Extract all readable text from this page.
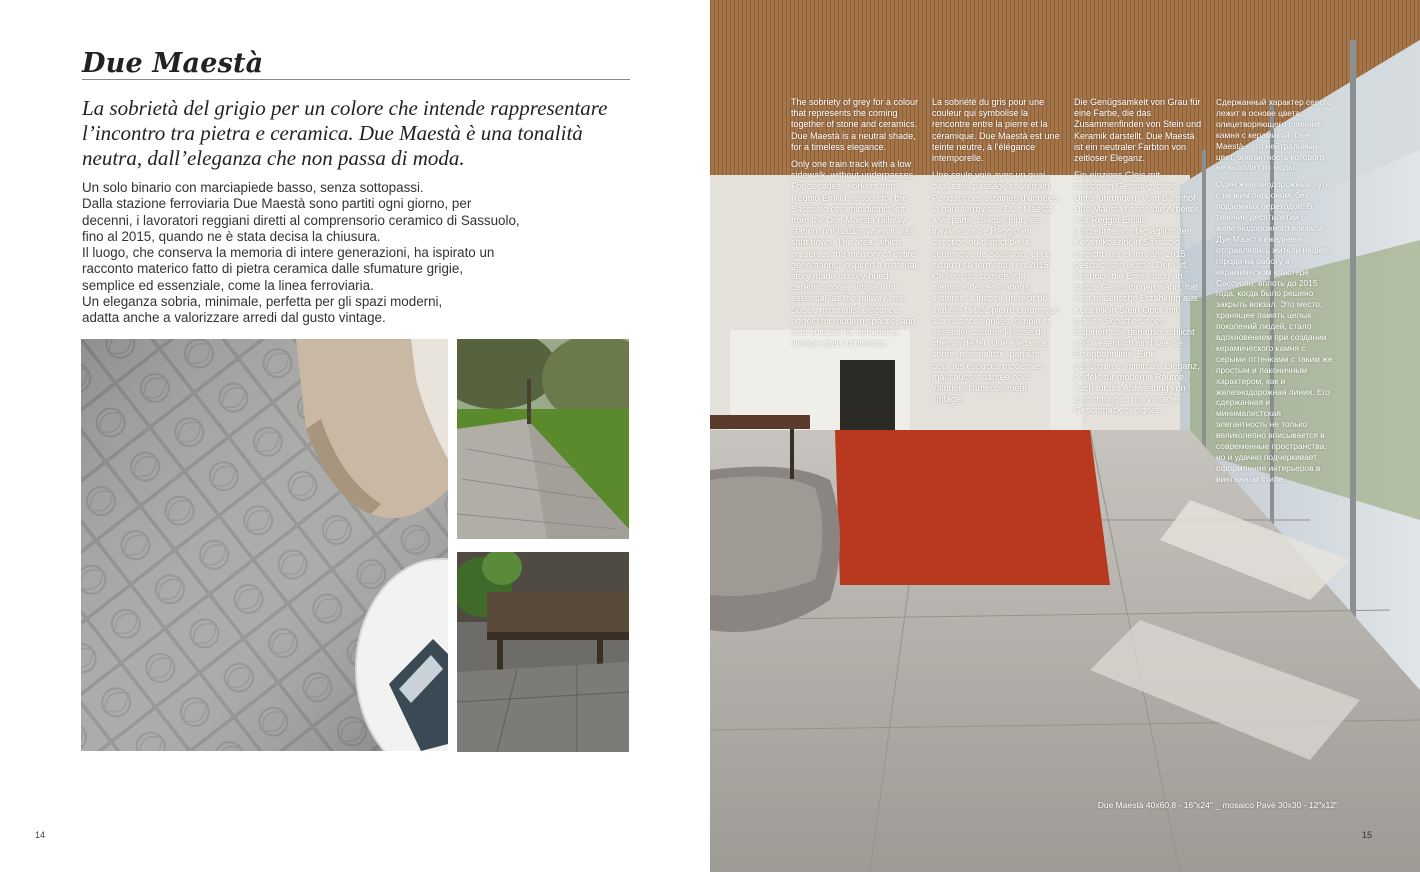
Due Maestà

La sobrietà del grigio per un colore che intende rappresentare l’incontro tra pietra e ceramica. Due Maestà è una tonalità neutra, dall’eleganza che non passa di moda.

Un solo binario con marciapiede basso, senza sottopassi.

Dalla stazione ferroviaria Due Maestà sono partiti ogni giorno, per

decenni, i lavoratori reggiani diretti al comprensorio ceramico di Sassuolo,

fino al 2015, quando ne è stata decisa la chiusura.

Il luogo, che conserva la memoria di intere generazioni, ha ispirato un

racconto materico fatto di pietra ceramica dalle sfumature grigie,

semplice ed essenziale, come la linea ferroviaria.

Un eleganza sobria, minimale, perfetta per gli spazi moderni,

adatta anche a valorizzare arredi dal gusto vintage.

14

The sobriety of grey for a colour that represents the coming together of stone and ceramics. Due Maestà is a neutral shade, for a timeless elegance.

Only one train track with a low sidewalk, without underpasses. For decades, workers from Reggio Emilia headed for the Sassuolo ceramic district left from the Due Maestà railway station, until 2015, when it was shut down. The area, which preserves the memory of entire generations, inspired a material story made of grey-hued ceramic stone, simple and essential, as the railway line. Sober, minimalist elegance, perfect for modern spaces, and also suitable for enhancing vintage-style furnishings.

La sobriété du gris pour une couleur qui symbolise la rencontre entre la pierre et la céramique. Due Maestà est une teinte neutre, à l’élégance intemporelle.

Une seule voie avec un quai bas, sans passage souterrain. Pendant des dizaines d’années, la gare ferroviaire Due Maestà a vu partir, chaque jour, les travailleurs de Reggio en direction du district de la céramique de Sassuolo, et ce jusqu’à sa fermeture en 2015. Ce lieu, qui conserve la mémoire de générations entières, a inspiré un récit de matière fait de pierre céramique aux nuances grises, simple et essentiel, comme la ligne de chemin de fer. Une élégance sobre, minimaliste, parfaite pour les espaces modernes, mais aussi adaptée pour valoriser l’ameublement vintage.

Die Genügsamkeit von Grau für eine Farbe, die das Zusammenfinden von Stein und Keramik darstellt. Due Maestà ist ein neutraler Farbton von zeitloser Eleganz.

Ein einziges Gleis mit niedrigem Gehsteig, ohne Unterführungen. Vom Bahnhof Due Maestà haben die Arbeiter aus Reggio Emilia jahrzehntelang tagtäglich den Keramikbezirk in Sassuolo erreicht, bis er im Jahr 2015 geschlossen wurde. Der Ort, der noch die Erinnerung an ganze Generationen wahrt, hat eine materische Erzählung aus Keramik in Stein-Optik mit grauen Schattierungen inspiriert, die genauso schlicht und wesentlich sind wie die Eisenbahnlinie. Eine genügsame, minimale Eleganz, perfekt für moderne Räume, auch für die Aufwertung von Einrichtungen mit Vintage-Geschmack geeignet.

Сдержанный характер серого лежит в основе цвета, олицетворяющего слияние камня с керамикой. Due Maestà - это нейтральный цвет, элегантность которого не выходит из моды.

Один железнодорожный путь с низким перроном, без подземных переходов. В течение десятилетий с железнодорожного вокзала Дуе Маэста ежедневно отправлялись жители нашего города на работу в керамическом кластере Сассуоло, вплоть до 2015 года, когда было решено закрыть вокзал. Это место, хранящее память целых поколений людей, стало вдохновением при создании керамического камня с серыми оттенками с таким же простым и лаконичным характером, как и железнодорожная линия. Его сдержанная и минималистская элегантность не только великолепно вписывается в современные пространства, но и удачно подчеркивает оформление интерьеров в винтажном стиле.

Due Maestà 40x60,8 - 16"x24" _ mosaico Pavè 30x30 - 12"x12"
15
